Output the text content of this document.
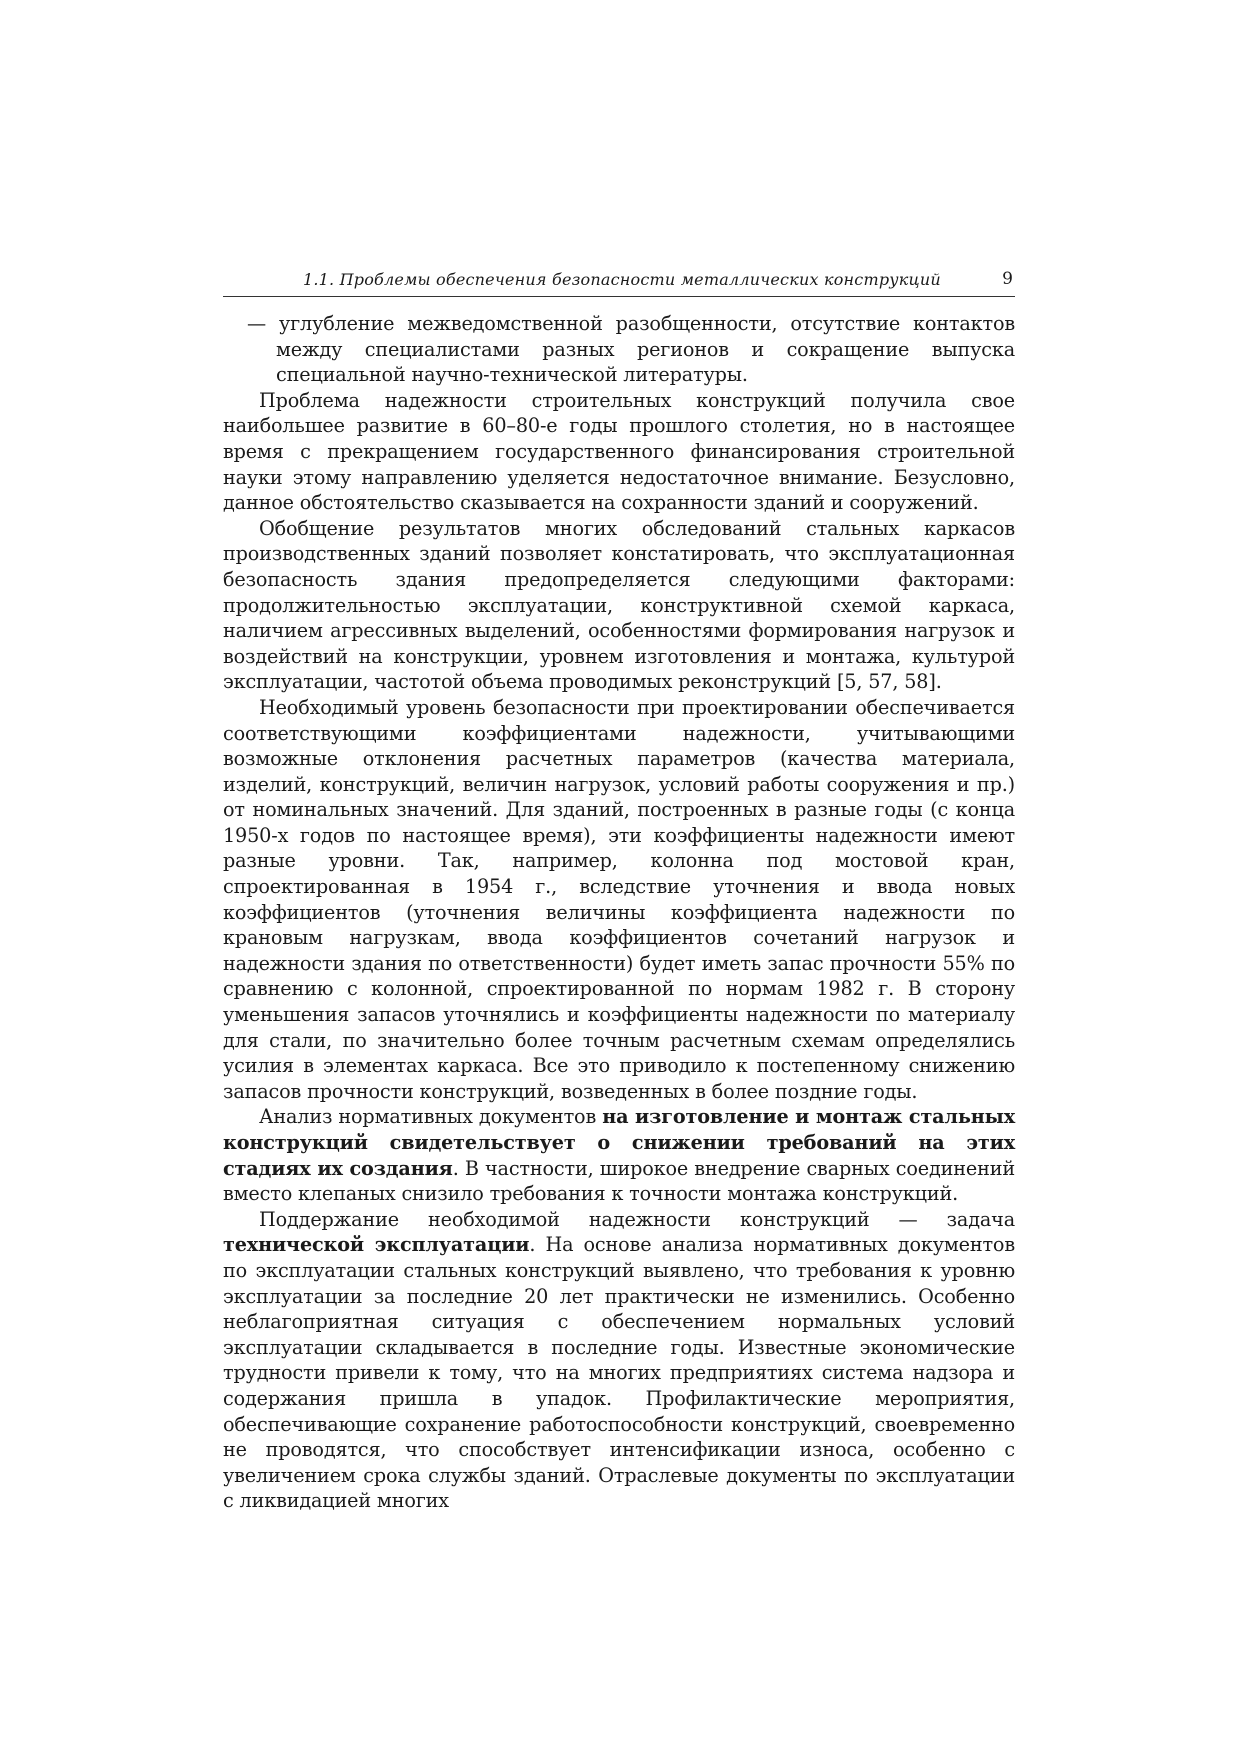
1.1. Проблемы обеспечения безопасности металлических конструкций	9

— углубление межведомственной разобщенности, отсутствие контактов между специалистами разных регионов и сокращение выпуска специальной научно-технической литературы.

Проблема надежности строительных конструкций получила свое наибольшее развитие в 60–80-е годы прошлого столетия, но в настоящее время с прекращением государственного финансирования строительной науки этому направлению уделяется недостаточное внимание. Безусловно, данное обстоятельство сказывается на сохранности зданий и сооружений.

Обобщение результатов многих обследований стальных каркасов производственных зданий позволяет констатировать, что эксплуатационная безопасность здания предопределяется следующими факторами: продолжительностью эксплуатации, конструктивной схемой каркаса, наличием агрессивных выделений, особенностями формирования нагрузок и воздействий на конструкции, уровнем изготовления и монтажа, культурой эксплуатации, частотой объема проводимых реконструкций [5, 57, 58].

Необходимый уровень безопасности при проектировании обеспечивается соответствующими коэффициентами надежности, учитывающими возможные отклонения расчетных параметров (качества материала, изделий, конструкций, величин нагрузок, условий работы сооружения и пр.) от номинальных значений. Для зданий, построенных в разные годы (с конца 1950-х годов по настоящее время), эти коэффициенты надежности имеют разные уровни. Так, например, колонна под мостовой кран, спроектированная в 1954 г., вследствие уточнения и ввода новых коэффициентов (уточнения величины коэффициента надежности по крановым нагрузкам, ввода коэффициентов сочетаний нагрузок и надежности здания по ответственности) будет иметь запас прочности 55% по сравнению с колонной, спроектированной по нормам 1982 г. В сторону уменьшения запасов уточнялись и коэффициенты надежности по материалу для стали, по значительно более точным расчетным схемам определялись усилия в элементах каркаса. Все это приводило к постепенному снижению запасов прочности конструкций, возведенных в более поздние годы.

Анализ нормативных документов на изготовление и монтаж стальных конструкций свидетельствует о снижении требований на этих стадиях их создания. В частности, широкое внедрение сварных соединений вместо клепаных снизило требования к точности монтажа конструкций.

Поддержание необходимой надежности конструкций — задача технической эксплуатации. На основе анализа нормативных документов по эксплуатации стальных конструкций выявлено, что требования к уровню эксплуатации за последние 20 лет практически не изменились. Особенно неблагоприятная ситуация с обеспечением нормальных условий эксплуатации складывается в последние годы. Известные экономические трудности привели к тому, что на многих предприятиях система надзора и содержания пришла в упадок. Профилактические мероприятия, обеспечивающие сохранение работоспособности конструкций, своевременно не проводятся, что способствует интенсификации износа, особенно с увеличением срока службы зданий. Отраслевые документы по эксплуатации с ликвидацией многих
